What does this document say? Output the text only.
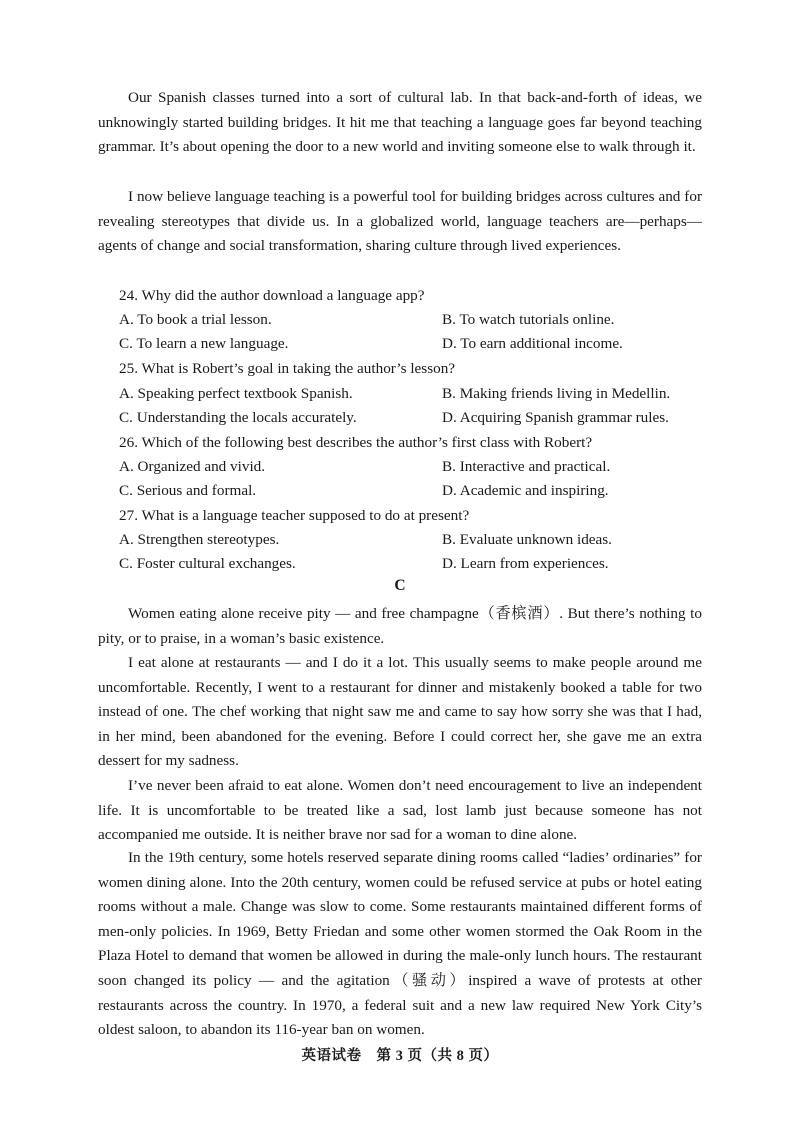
Our Spanish classes turned into a sort of cultural lab. In that back-and-forth of ideas, we unknowingly started building bridges. It hit me that teaching a language goes far beyond teaching grammar. It’s about opening the door to a new world and inviting someone else to walk through it.

I now believe language teaching is a powerful tool for building bridges across cultures and for revealing stereotypes that divide us. In a globalized world, language teachers are—perhaps—agents of change and social transformation, sharing culture through lived experiences.

24. Why did the author download a language app?

A. To book a trial lesson.	B. To watch tutorials online.
C. To learn a new language.	D. To earn additional income.

25. What is Robert’s goal in taking the author’s lesson?

A. Speaking perfect textbook Spanish.	B. Making friends living in Medellin.
C. Understanding the locals accurately.	D. Acquiring Spanish grammar rules.

26. Which of the following best describes the author’s first class with Robert?

A. Organized and vivid.	B. Interactive and practical.
C. Serious and formal.	D. Academic and inspiring.

27. What is a language teacher supposed to do at present?

A. Strengthen stereotypes.	B. Evaluate unknown ideas.
C. Foster cultural exchanges.	D. Learn from experiences.
C

Women eating alone receive pity — and free champagne（香槟酒）. But there’s nothing to pity, or to praise, in a woman’s basic existence.

I eat alone at restaurants — and I do it a lot. This usually seems to make people around me uncomfortable. Recently, I went to a restaurant for dinner and mistakenly booked a table for two instead of one. The chef working that night saw me and came to say how sorry she was that I had, in her mind, been abandoned for the evening. Before I could correct her, she gave me an extra dessert for my sadness.

I’ve never been afraid to eat alone. Women don’t need encouragement to live an independent life. It is uncomfortable to be treated like a sad, lost lamb just because someone has not accompanied me outside. It is neither brave nor sad for a woman to dine alone.

In the 19th century, some hotels reserved separate dining rooms called “ladies’ ordinaries” for women dining alone. Into the 20th century, women could be refused service at pubs or hotel eating rooms without a male. Change was slow to come. Some restaurants maintained different forms of men-only policies. In 1969, Betty Friedan and some other women stormed the Oak Room in the Plaza Hotel to demand that women be allowed in during the male-only lunch hours. The restaurant soon changed its policy — and the agitation（骚动）inspired a wave of protests at other restaurants across the country. In 1970, a federal suit and a new law required New York City’s oldest saloon, to abandon its 116-year ban on women.

英语试卷　第 3 页（共 8 页）
